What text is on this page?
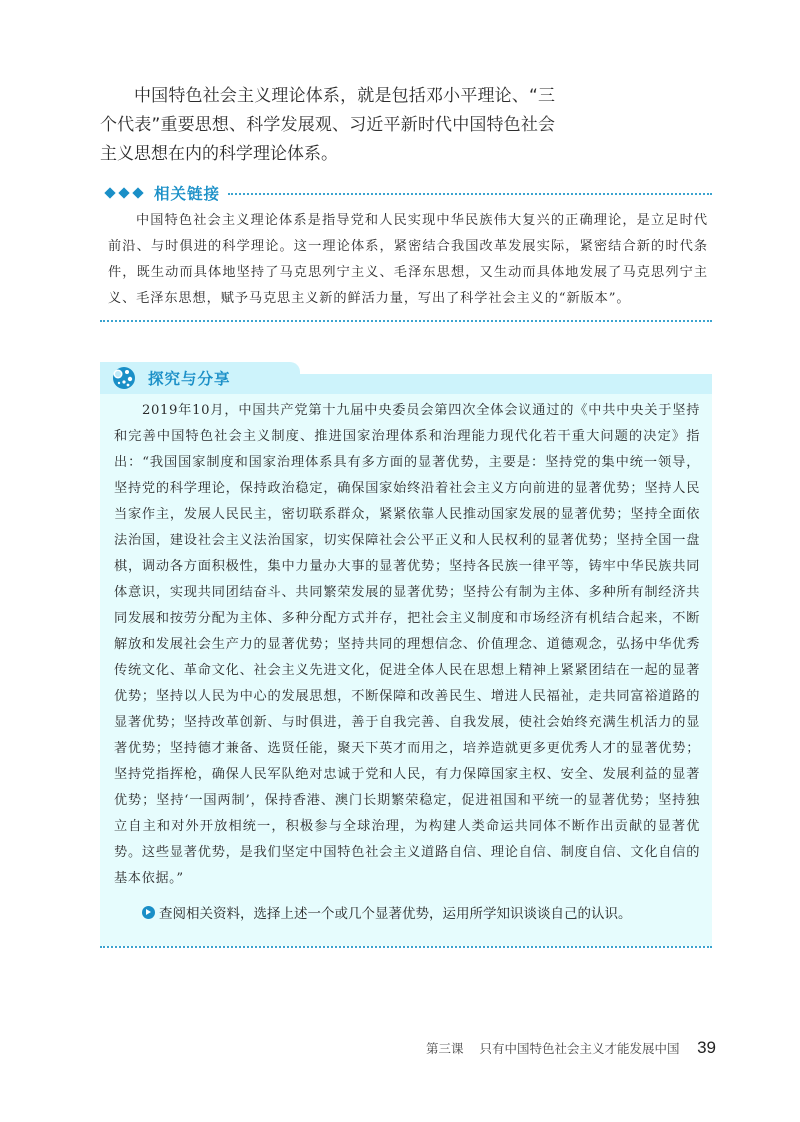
中国特色社会主义理论体系，就是包括邓小平理论、“三个代表”重要思想、科学发展观、习近平新时代中国特色社会主义思想在内的科学理论体系。

相关链接

中国特色社会主义理论体系是指导党和人民实现中华民族伟大复兴的正确理论，是立足时代前沿、与时俱进的科学理论。这一理论体系，紧密结合我国改革发展实际，紧密结合新的时代条件，既生动而具体地坚持了马克思列宁主义、毛泽东思想，又生动而具体地发展了马克思列宁主义、毛泽东思想，赋予马克思主义新的鲜活力量，写出了科学社会主义的“新版本”。

探究与分享

2019年10月，中国共产党第十九届中央委员会第四次全体会议通过的《中共中央关于坚持和完善中国特色社会主义制度、推进国家治理体系和治理能力现代化若干重大问题的决定》指出：“我国国家制度和国家治理体系具有多方面的显著优势，主要是：坚持党的集中统一领导，坚持党的科学理论，保持政治稳定，确保国家始终沿着社会主义方向前进的显著优势；坚持人民当家作主，发展人民民主，密切联系群众，紧紧依靠人民推动国家发展的显著优势；坚持全面依法治国，建设社会主义法治国家，切实保障社会公平正义和人民权利的显著优势；坚持全国一盘棋，调动各方面积极性，集中力量办大事的显著优势；坚持各民族一律平等，铸牢中华民族共同体意识，实现共同团结奋斗、共同繁荣发展的显著优势；坚持公有制为主体、多种所有制经济共同发展和按劳分配为主体、多种分配方式并存，把社会主义制度和市场经济有机结合起来，不断解放和发展社会生产力的显著优势；坚持共同的理想信念、价值理念、道德观念，弘扬中华优秀传统文化、革命文化、社会主义先进文化，促进全体人民在思想上精神上紧紧团结在一起的显著优势；坚持以人民为中心的发展思想，不断保障和改善民生、增进人民福祉，走共同富裕道路的显著优势；坚持改革创新、与时俱进，善于自我完善、自我发展，使社会始终充满生机活力的显著优势；坚持德才兼备、选贤任能，聚天下英才而用之，培养造就更多更优秀人才的显著优势；坚持党指挥枪，确保人民军队绝对忠诚于党和人民，有力保障国家主权、安全、发展利益的显著优势；坚持‘一国两制’，保持香港、澳门长期繁荣稳定，促进祖国和平统一的显著优势；坚持独立自主和对外开放相统一，积极参与全球治理，为构建人类命运共同体不断作出贡献的显著优势。这些显著优势，是我们坚定中国特色社会主义道路自信、理论自信、制度自信、文化自信的基本依据。”

查阅相关资料，选择上述一个或几个显著优势，运用所学知识谈谈自己的认识。
第三课 只有中国特色社会主义才能发展中国 39
